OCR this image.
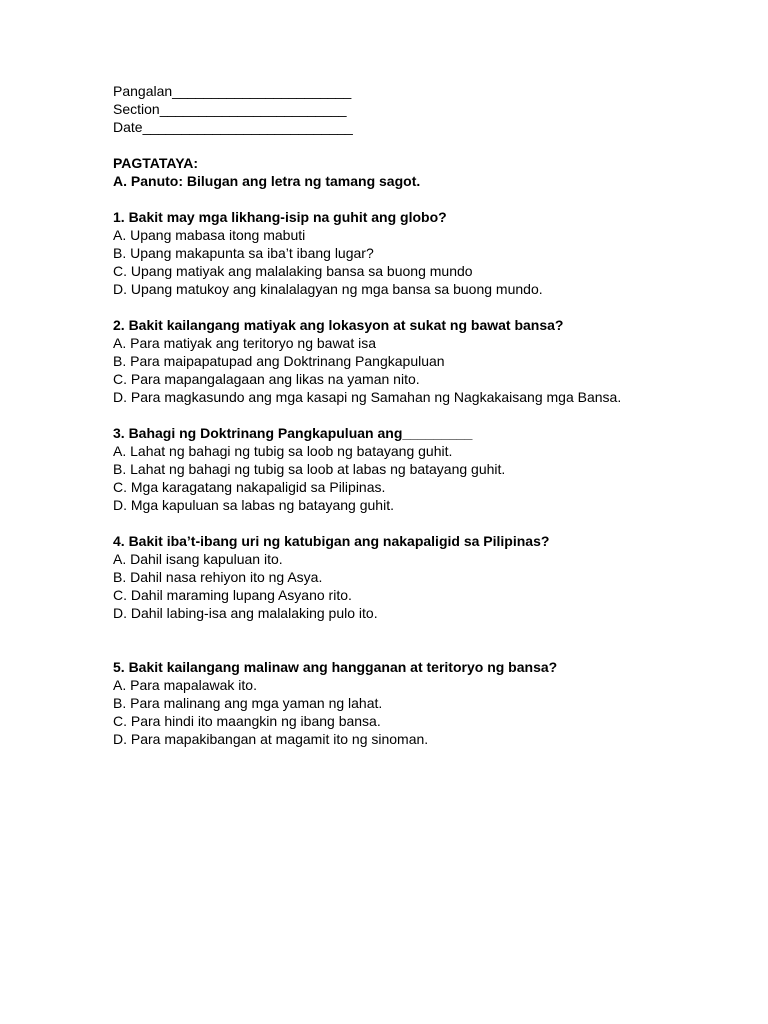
Pangalan_______________________
Section________________________
Date___________________________
PAGTATAYA:
A. Panuto: Bilugan ang letra ng tamang sagot.
1. Bakit may mga likhang-isip na guhit ang globo?
A. Upang mabasa itong mabuti
B. Upang makapunta sa iba’t ibang lugar?
C. Upang matiyak ang malalaking bansa sa buong mundo
D. Upang matukoy ang kinalalagyan ng mga bansa sa buong mundo.
2. Bakit kailangang matiyak ang lokasyon at sukat ng bawat bansa?
A. Para matiyak ang teritoryo ng bawat isa
B. Para maipapatupad ang Doktrinang Pangkapuluan
C. Para mapangalagaan ang likas na yaman nito.
D. Para magkasundo ang mga kasapi ng Samahan ng Nagkakaisang mga Bansa.
3. Bahagi ng Doktrinang Pangkapuluan ang_________
A. Lahat ng bahagi ng tubig sa loob ng batayang guhit.
B. Lahat ng bahagi ng tubig sa loob at labas ng batayang guhit.
C. Mga karagatang nakapaligid sa Pilipinas.
D. Mga kapuluan sa labas ng batayang guhit.
4. Bakit iba’t-ibang uri ng katubigan ang nakapaligid sa Pilipinas?
A. Dahil isang kapuluan ito.
B. Dahil nasa rehiyon ito ng Asya.
C. Dahil maraming lupang Asyano rito.
D. Dahil labing-isa ang malalaking pulo ito.
5. Bakit kailangang malinaw ang hangganan at teritoryo ng bansa?
A. Para mapalawak ito.
B. Para malinang ang mga yaman ng lahat.
C. Para hindi ito maangkin ng ibang bansa.
D. Para mapakibangan at magamit ito ng sinoman.
